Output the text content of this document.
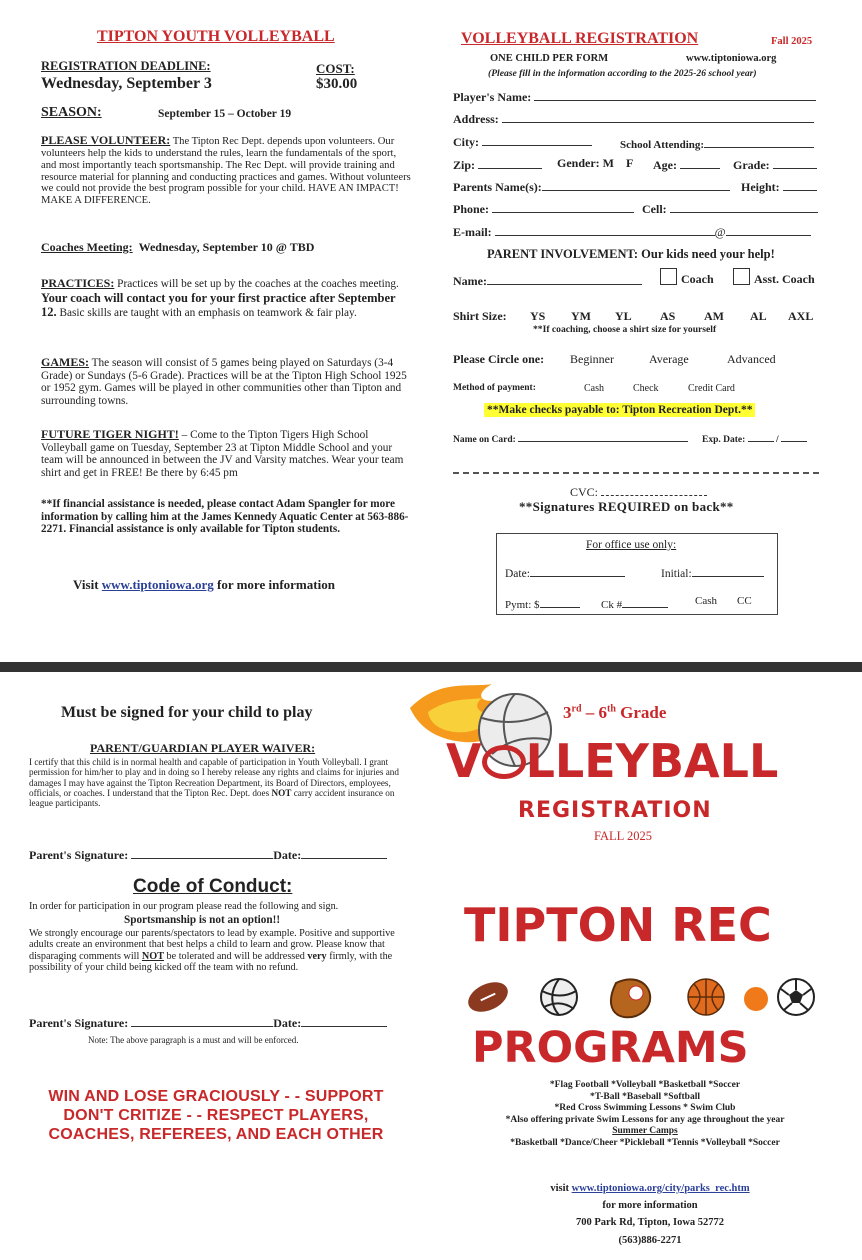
TIPTON YOUTH VOLLEYBALL
REGISTRATION DEADLINE:
Wednesday, September 3
COST:
$30.00
SEASON:	September 15 – October 19
PLEASE VOLUNTEER: The Tipton Rec Dept. depends upon volunteers. Our volunteers help the kids to understand the rules, learn the fundamentals of the sport, and most importantly teach sportsmanship. The Rec Dept. will provide training and resource material for planning and conducting practices and games. Without volunteers we could not provide the best program possible for your child. HAVE AN IMPACT! MAKE A DIFFERENCE.
Coaches Meeting: Wednesday, September 10 @ TBD
PRACTICES: Practices will be set up by the coaches at the coaches meeting. Your coach will contact you for your first practice after September 12. Basic skills are taught with an emphasis on teamwork & fair play.
GAMES: The season will consist of 5 games being played on Saturdays (3-4 Grade) or Sundays (5-6 Grade). Practices will be at the Tipton High School 1925 or 1952 gym. Games will be played in other communities other than Tipton and surrounding towns.
FUTURE TIGER NIGHT! – Come to the Tipton Tigers High School Volleyball game on Tuesday, September 23 at Tipton Middle School and your team will be announced in between the JV and Varsity matches. Wear your team shirt and get in FREE! Be there by 6:45 pm
**If financial assistance is needed, please contact Adam Spangler for more information by calling him at the James Kennedy Aquatic Center at 563-886-2271. Financial assistance is only available for Tipton students.
Visit www.tiptoniowa.org for more information
VOLLEYBALL REGISTRATION	Fall 2025
ONE CHILD PER FORM	www.tiptoniowa.org
(Please fill in the information according to the 2025-26 school year)
Player's Name:
Address:
City:	School Attending:
Zip:	Gender: M F Age:	Grade:
Parents Name(s):	Height:
Phone:	Cell:
E-mail:	@
PARENT INVOLVEMENT: Our kids need your help!
Name:	Coach	Asst. Coach
Shirt Size: YS YM YL AS AM AL AXL
**If coaching, choose a shirt size for yourself
Please Circle one: Beginner	Average	Advanced
Method of payment:	Cash	Check	Credit Card
**Make checks payable to: Tipton Recreation Dept.**
Name on Card:	Exp. Date:	/
CVC:
**Signatures REQUIRED on back**
For office use only:
Date:	Initial:
Pymt: $	Ck #	Cash CC
Must be signed for your child to play
PARENT/GUARDIAN PLAYER WAIVER:
I certify that this child is in normal health and capable of participation in Youth Volleyball. I grant permission for him/her to play and in doing so I hereby release any rights and claims for injuries and damages I may have against the Tipton Recreation Department, its Board of Directors, employees, officials, or coaches. I understand that the Tipton Rec. Dept. does NOT carry accident insurance on league participants.
Parent's Signature:	Date:
Code of Conduct:
In order for participation in our program please read the following and sign.
Sportsmanship is not an option!!
We strongly encourage our parents/spectators to lead by example. Positive and supportive adults create an environment that best helps a child to learn and grow. Please know that disparaging comments will NOT be tolerated and will be addressed very firmly, with the possibility of your child being kicked off the team with no refund.
Parent's Signature:	Date:
Note: The above paragraph is a must and will be enforced.
WIN AND LOSE GRACIOUSLY - - SUPPORT DON'T CRITIZE - - RESPECT PLAYERS, COACHES, REFEREES, AND EACH OTHER
3rd – 6th Grade
V LLEYBALL
REGISTRATION
FALL 2025
TIPTON REC
PROGRAMS
*Flag Football *Volleyball *Basketball *Soccer
*T-Ball *Baseball *Softball
*Red Cross Swimming Lessons * Swim Club
*Also offering private Swim Lessons for any age throughout the year
Summer Camps
*Basketball *Dance/Cheer *Pickleball *Tennis *Volleyball *Soccer
visit www.tiptoniowa.org/city/parks_rec.htm
for more information
700 Park Rd, Tipton, Iowa 52772
(563)886-2271
